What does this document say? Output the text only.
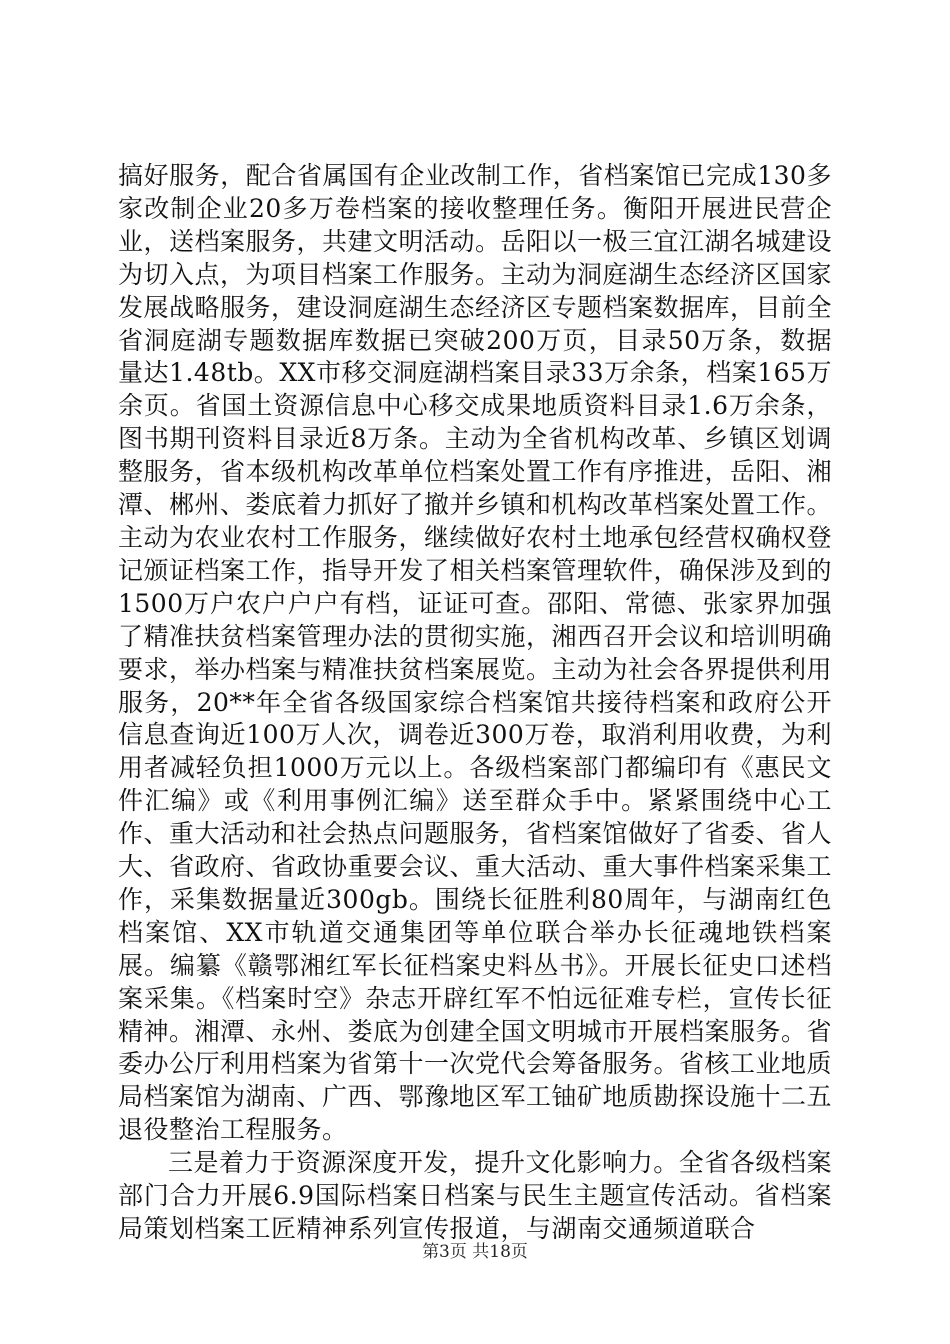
搞好服务，配合省属国有企业改制工作，省档案馆已完成130多家改制企业20多万卷档案的接收整理任务。衡阳开展进民营企业，送档案服务，共建文明活动。岳阳以一极三宜江湖名城建设为切入点，为项目档案工作服务。主动为洞庭湖生态经济区国家发展战略服务，建设洞庭湖生态经济区专题档案数据库，目前全省洞庭湖专题数据库数据已突破200万页，目录50万条，数据量达1.48tb。XX市移交洞庭湖档案目录33万余条，档案165万余页。省国土资源信息中心移交成果地质资料目录1.6万余条，图书期刊资料目录近8万条。主动为全省机构改革、乡镇区划调整服务，省本级机构改革单位档案处置工作有序推进，岳阳、湘潭、郴州、娄底着力抓好了撤并乡镇和机构改革档案处置工作。主动为农业农村工作服务，继续做好农村土地承包经营权确权登记颁证档案工作，指导开发了相关档案管理软件，确保涉及到的1500万户农户户户有档，证证可查。邵阳、常德、张家界加强了精准扶贫档案管理办法的贯彻实施，湘西召开会议和培训明确要求，举办档案与精准扶贫档案展览。主动为社会各界提供利用服务，20**年全省各级国家综合档案馆共接待档案和政府公开信息查询近100万人次，调卷近300万卷，取消利用收费，为利用者减轻负担1000万元以上。各级档案部门都编印有《惠民文件汇编》或《利用事例汇编》送至群众手中。紧紧围绕中心工作、重大活动和社会热点问题服务，省档案馆做好了省委、省人大、省政府、省政协重要会议、重大活动、重大事件档案采集工作，采集数据量近300gb。围绕长征胜利80周年，与湖南红色档案馆、XX市轨道交通集团等单位联合举办长征魂地铁档案展。编纂《赣鄂湘红军长征档案史料丛书》。开展长征史口述档案采集。《档案时空》杂志开辟红军不怕远征难专栏，宣传长征精神。湘潭、永州、娄底为创建全国文明城市开展档案服务。省委办公厅利用档案为省第十一次党代会筹备服务。省核工业地质局档案馆为湖南、广西、鄂豫地区军工铀矿地质勘探设施十二五退役整治工程服务。

三是着力于资源深度开发，提升文化影响力。全省各级档案部门合力开展6.9国际档案日档案与民生主题宣传活动。省档案局策划档案工匠精神系列宣传报道，与湖南交通频道联合

第3页 共18页
